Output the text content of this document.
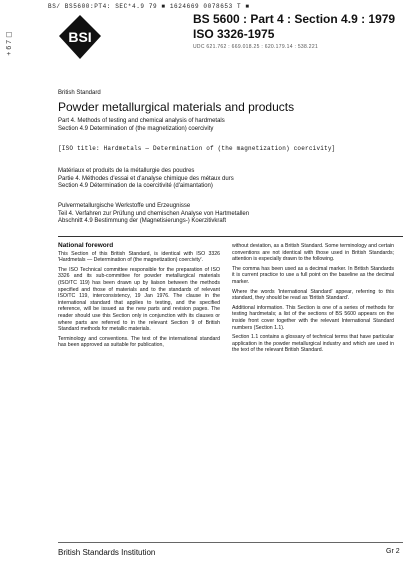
BS/ BS5600:PT4: SEC*4.9 79 ■ 1624669 0078653 T ■
+ 6 7 ☐	BSI
BS 5600 : Part 4 : Section 4.9 : 1979
ISO 3326-1975
UDC 621.762 : 669.018.25 : 620.179.14 : 538.221
British Standard
Powder metallurgical materials and products
Part 4. Methods of testing and chemical analysis of hardmetals
Section 4.9 Determination of (the magnetization) coercivity
[ISO title: Hardmetals — Determination of (the magnetization) coercivity]
Matériaux et produits de la métallurgie des poudres
Partie 4. Méthodes d'essai et d'analyse chimique des métaux durs
Section 4.9 Détermination de la coercitivité (d'aimantation)
Pulvermetallurgische Werkstoffe und Erzeugnisse
Teil 4. Verfahren zur Prüfung und chemischen Analyse von Hartmetallen
Abschnitt 4.9 Bestimmung der (Magnetisierungs-) Koerzitivkraft
National foreword

This Section of this British Standard, is identical with ISO 3326 'Hardmetals — Determination of (the magnetization) coercivity'.

The ISO Technical committee responsible for the preparation of ISO 3326 and its sub-committee for powder metallurgical materials (ISO/TC 119) has been drawn up by liaison between the methods specified and those of materials and to the standards of relevant ISO/TC 119, interconsistency, 19 Jan 1976. The clause in the international standard that applies to testing, and the specified reference, will be issued as the new parts and revision pages. The reader should use this Section only in conjunction with its clauses or where parts are referred to in the relevant Section 9 of British Standard methods for metallic materials.

Terminology and conventions. The text of the international standard has been approved as suitable for publication,

without deviation, as a British Standard. Some terminology and certain conventions are not identical with those used in British Standards; attention is especially drawn to the following.

The comma has been used as a decimal marker. In British Standards it is current practice to use a full point on the baseline as the decimal marker.

Where the words 'International Standard' appear, referring to this standard, they should be read as 'British Standard'.

Additional information. This Section is one of a series of methods for testing hardmetals; a list of the sections of BS 5600 appears on the inside front cover together with the relevant International Standard numbers (Section 1.1).

Section 1.1 contains a glossary of technical terms that have particular application in the powder metallurgical industry and which are used in the text of the relevant British Standard.

British Standards Institution	Gr 2
